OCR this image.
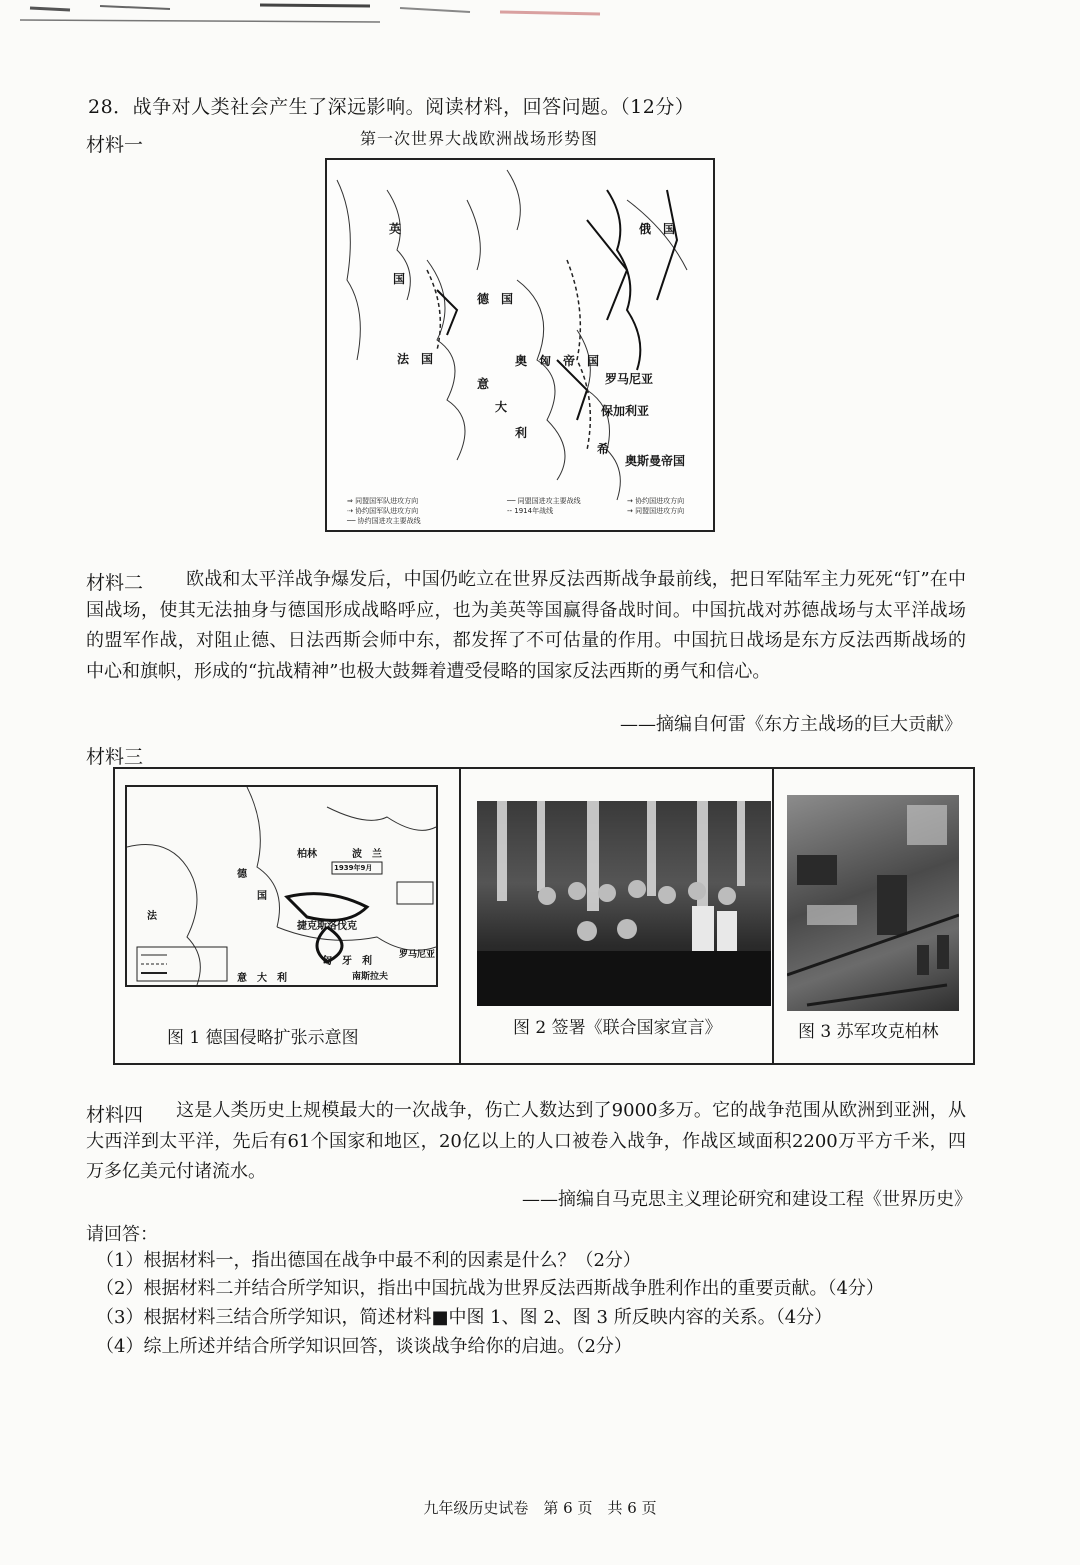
28．战争对人类社会产生了深远影响。阅读材料，回答问题。（12分）
材料一	第一次世界大战欧洲战场形势图
英
国
俄　国
德　国
法　国	奥　匈　帝　国
意
大
利
罗马尼亚
保加利亚
希
奥斯曼帝国
⇒ 同盟国军队进攻方向
⇢ 协约国军队进攻方向
── 协约国进攻主要战线
── 同盟国进攻主要战线
-- 1914年战线
→ 协约国进攻方向
→ 同盟国进攻方向
材料二	欧战和太平洋战争爆发后，中国仍屹立在世界反法西斯战争最前线，把日军陆军主力死死“钉”在中国战场，使其无法抽身与德国形成战略呼应，也为美英等国赢得备战时间。中国抗战对苏德战场与太平洋战场的盟军作战，对阻止德、日法西斯会师中东，都发挥了不可估量的作用。中国抗日战场是东方反法西斯战场的中心和旗帜，形成的“抗战精神”也极大鼓舞着遭受侵略的国家反法西斯的勇气和信心。
——摘编自何雷《东方主战场的巨大贡献》
材料三
柏林
德
国
波　兰
捷克斯洛伐克
匈　牙　利
罗马尼亚
法
意　大　利	南斯拉夫
1939年9月
图 1 德国侵略扩张示意图	图 2 签署《联合国家宣言》	图 3 苏军攻克柏林
材料四	这是人类历史上规模最大的一次战争，伤亡人数达到了9000多万。它的战争范围从欧洲到亚洲，从大西洋到太平洋，先后有61个国家和地区，20亿以上的人口被卷入战争，作战区域面积2200万平方千米，四万多亿美元付诸流水。
——摘编自马克思主义理论研究和建设工程《世界历史》
请回答：
（1）根据材料一，指出德国在战争中最不利的因素是什么？（2分）
（2）根据材料二并结合所学知识，指出中国抗战为世界反法西斯战争胜利作出的重要贡献。（4分）
（3）根据材料三结合所学知识，简述材料■中图 1、图 2、图 3 所反映内容的关系。（4分）
（4）综上所述并结合所学知识回答，谈谈战争给你的启迪。（2分）
九年级历史试卷　第 6 页　共 6 页
